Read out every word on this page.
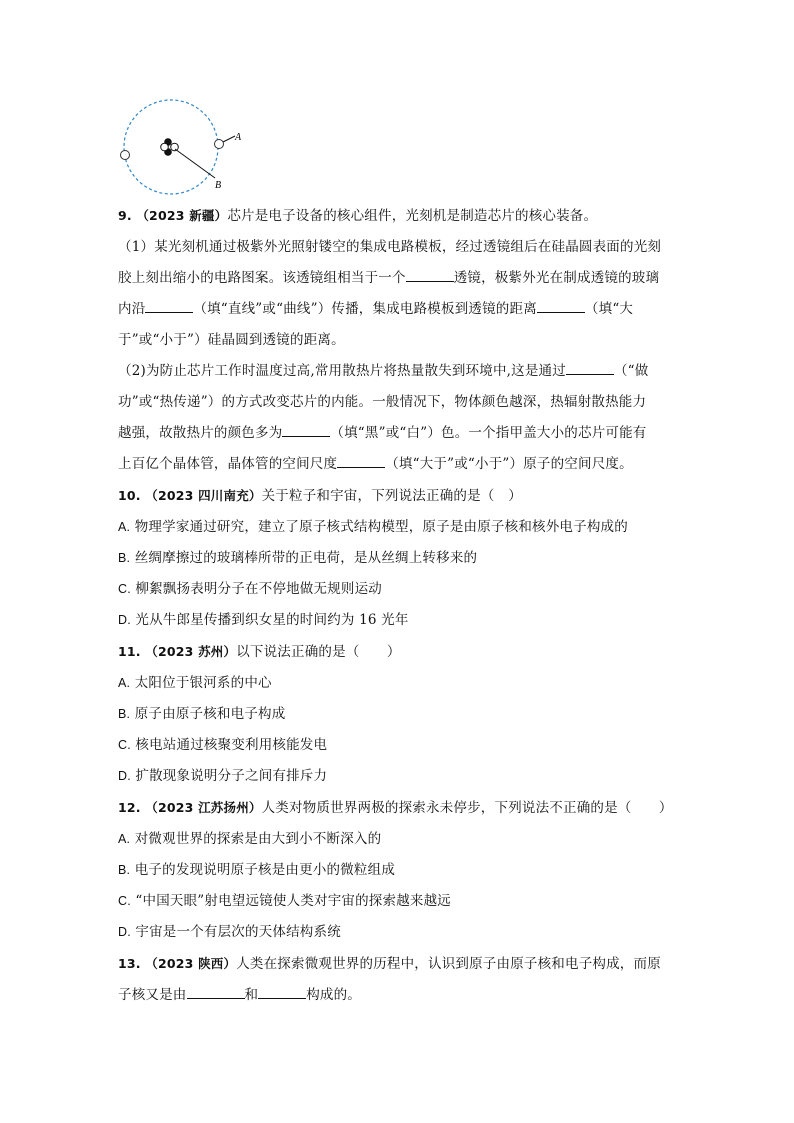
A
B
9. （2023 新疆）芯片是电子设备的核心组件，光刻机是制造芯片的核心装备。
（1）某光刻机通过极紫外光照射镂空的集成电路模板，经过透镜组后在硅晶圆表面的光刻
胶上刻出缩小的电路图案。该透镜组相当于一个	透镜，极紫外光在制成透镜的玻璃
内沿	（填“直线”或“曲线”）传播，集成电路模板到透镜的距离	（填“大
于”或“小于”）硅晶圆到透镜的距离。
（2)为防止芯片工作时温度过高,常用散热片将热量散失到环境中,这是通过	（“做
功”或“热传递”）的方式改变芯片的内能。一般情况下，物体颜色越深，热辐射散热能力
越强，故散热片的颜色多为	（填“黑”或“白”）色。一个指甲盖大小的芯片可能有
上百亿个晶体管，晶体管的空间尺度	（填“大于”或“小于”）原子的空间尺度。
10. （2023 四川南充）关于粒子和宇宙，下列说法正确的是（　）
A. 物理学家通过研究，建立了原子核式结构模型，原子是由原子核和核外电子构成的
B. 丝绸摩擦过的玻璃棒所带的正电荷，是从丝绸上转移来的
C. 柳絮飘扬表明分子在不停地做无规则运动
D. 光从牛郎星传播到织女星的时间约为 16 光年
11. （2023 苏州）以下说法正确的是（　　）
A. 太阳位于银河系的中心
B. 原子由原子核和电子构成
C. 核电站通过核聚变利用核能发电
D. 扩散现象说明分子之间有排斥力
12. （2023 江苏扬州）人类对物质世界两极的探索永未停步，下列说法不正确的是（　　）
A. 对微观世界的探索是由大到小不断深入的
B. 电子的发现说明原子核是由更小的微粒组成
C. “中国天眼”射电望远镜使人类对宇宙的探索越来越远
D. 宇宙是一个有层次的天体结构系统
13. （2023 陕西）人类在探索微观世界的历程中，认识到原子由原子核和电子构成，而原
子核又是由	和	构成的。
